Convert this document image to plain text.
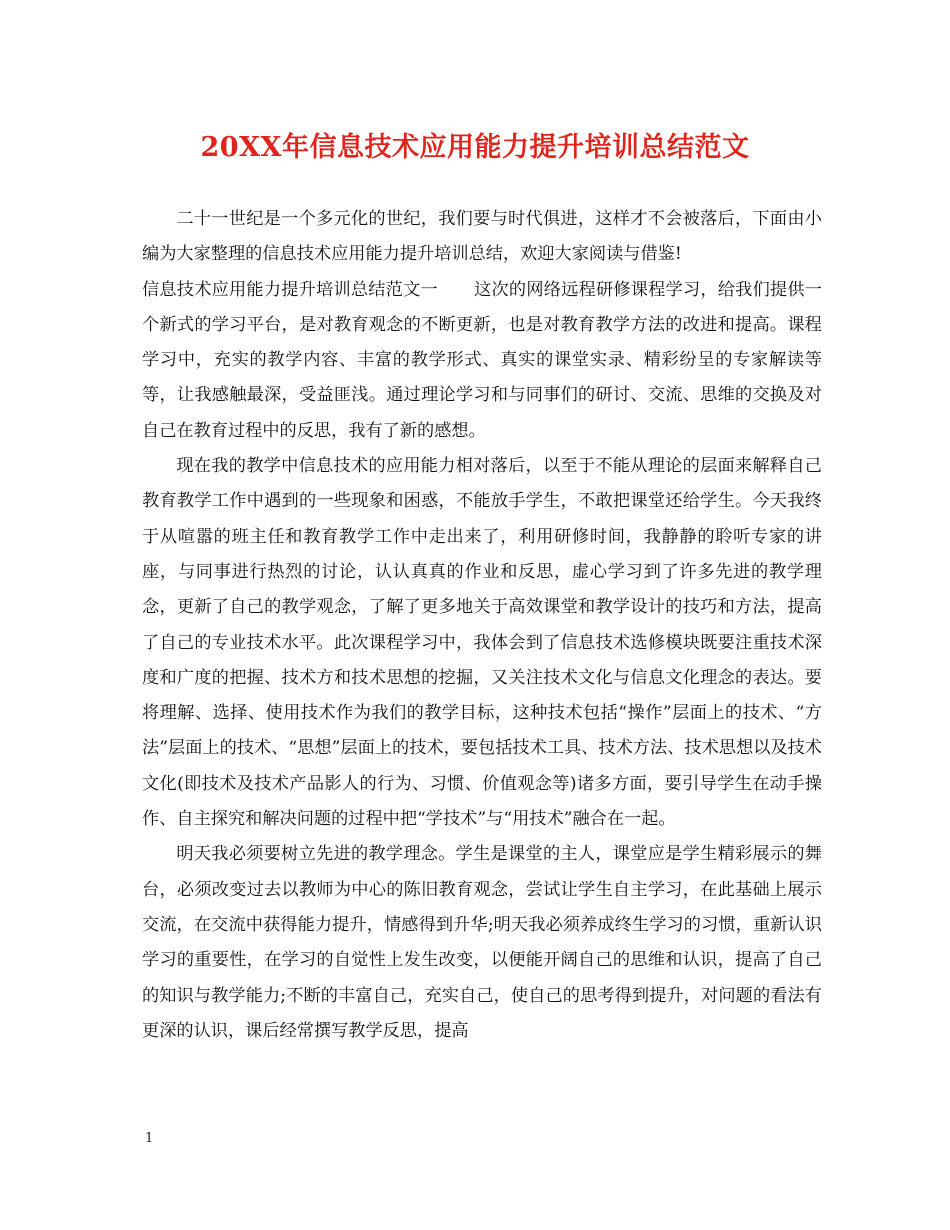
20XX年信息技术应用能力提升培训总结范文

二十一世纪是一个多元化的世纪，我们要与时代俱进，这样才不会被落后，下面由小编为大家整理的信息技术应用能力提升培训总结，欢迎大家阅读与借鉴!

信息技术应用能力提升培训总结范文一 这次的网络远程研修课程学习，给我们提供一个新式的学习平台，是对教育观念的不断更新，也是对教育教学方法的改进和提高。课程学习中，充实的教学内容、丰富的教学形式、真实的课堂实录、精彩纷呈的专家解读等等，让我感触最深，受益匪浅。通过理论学习和与同事们的研讨、交流、思维的交换及对自己在教育过程中的反思，我有了新的感想。

现在我的教学中信息技术的应用能力相对落后，以至于不能从理论的层面来解释自己教育教学工作中遇到的一些现象和困惑，不能放手学生，不敢把课堂还给学生。今天我终于从喧嚣的班主任和教育教学工作中走出来了，利用研修时间，我静静的聆听专家的讲座，与同事进行热烈的讨论，认认真真的作业和反思，虚心学习到了许多先进的教学理念，更新了自己的教学观念，了解了更多地关于高效课堂和教学设计的技巧和方法，提高了自己的专业技术水平。此次课程学习中，我体会到了信息技术选修模块既要注重技术深度和广度的把握、技术方和技术思想的挖掘，又关注技术文化与信息文化理念的表达。要将理解、选择、使用技术作为我们的教学目标，这种技术包括“操作”层面上的技术、“方法”层面上的技术、“思想”层面上的技术，要包括技术工具、技术方法、技术思想以及技术文化(即技术及技术产品影人的行为、习惯、价值观念等)诸多方面，要引导学生在动手操作、自主探究和解决问题的过程中把“学技术”与“用技术”融合在一起。

明天我必须要树立先进的教学理念。学生是课堂的主人，课堂应是学生精彩展示的舞台，必须改变过去以教师为中心的陈旧教育观念，尝试让学生自主学习，在此基础上展示交流，在交流中获得能力提升，情感得到升华;明天我必须养成终生学习的习惯，重新认识学习的重要性，在学习的自觉性上发生改变，以便能开阔自己的思维和认识，提高了自己的知识与教学能力;不断的丰富自己，充实自己，使自己的思考得到提升，对问题的看法有更深的认识，课后经常撰写教学反思，提高

1
